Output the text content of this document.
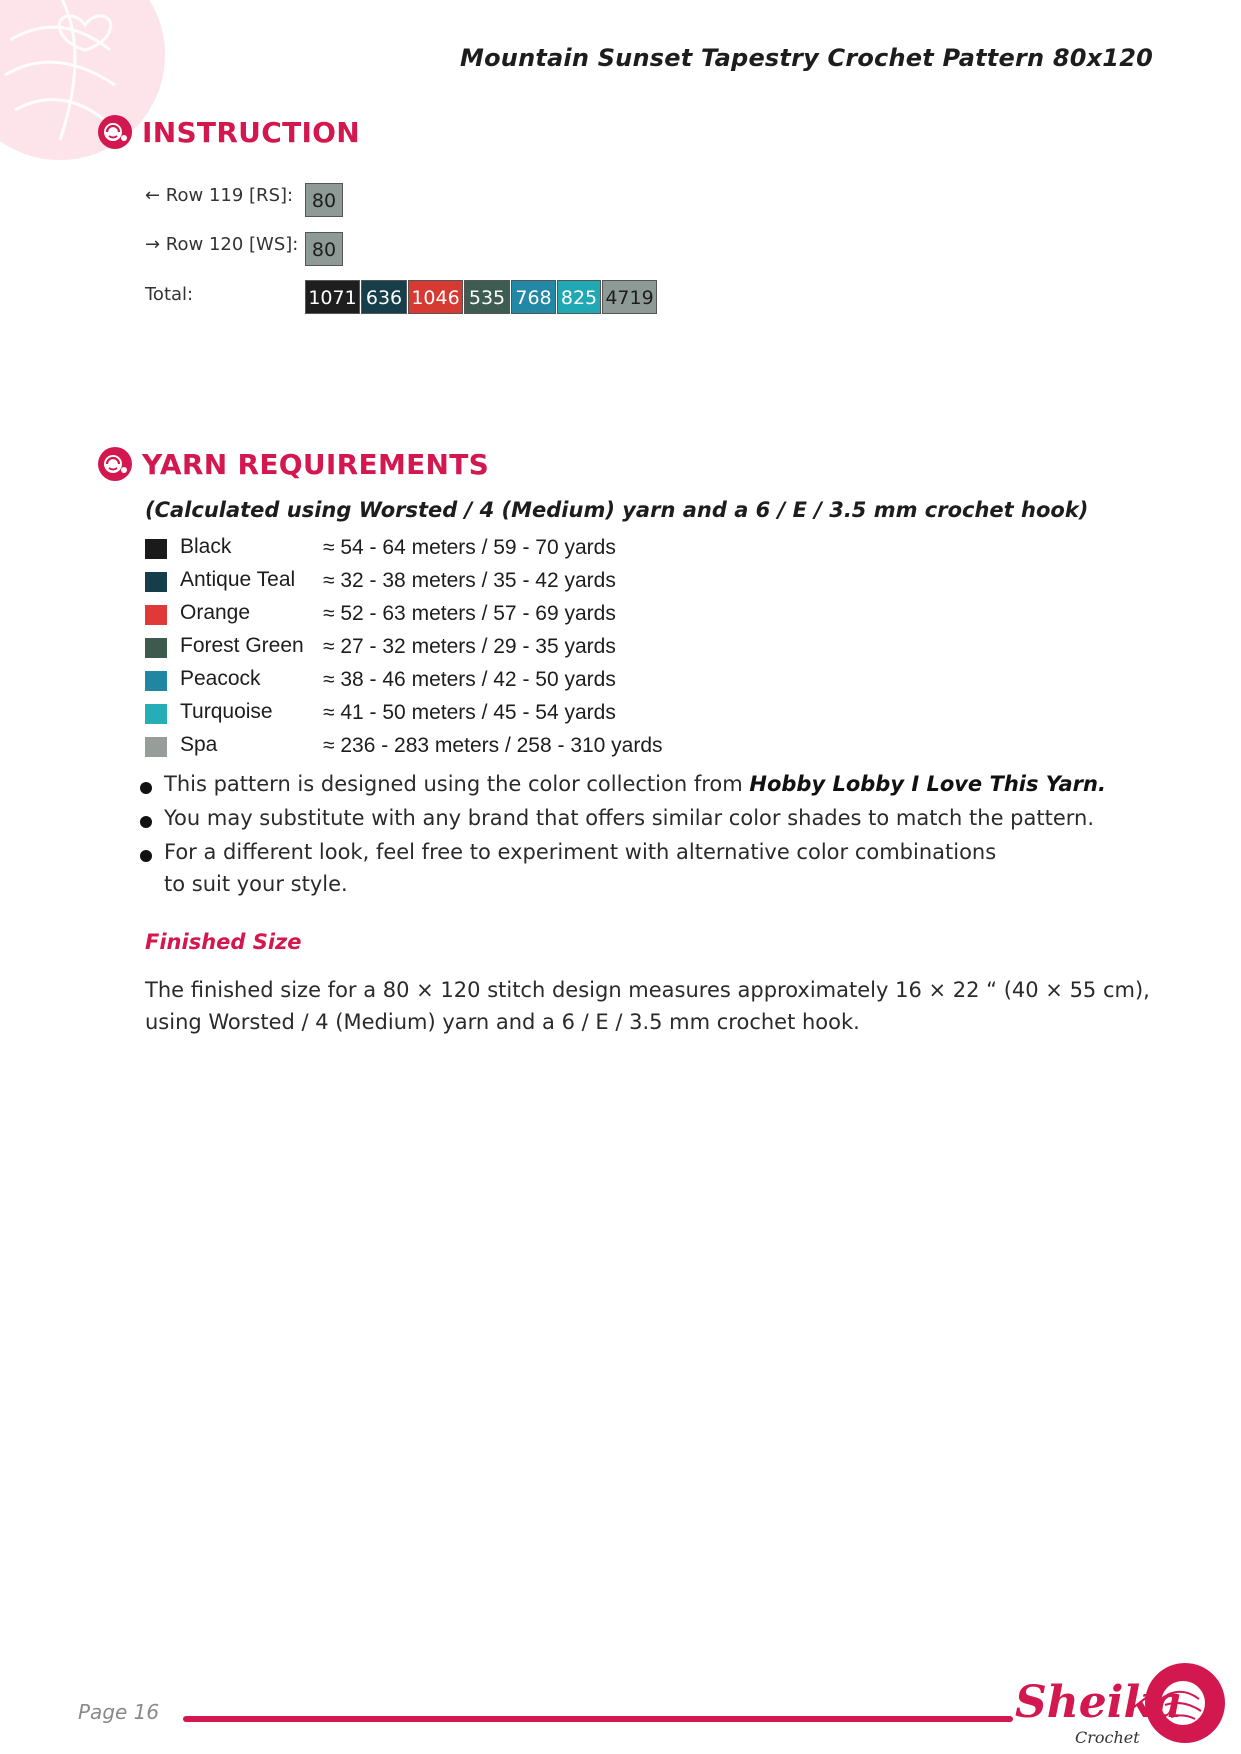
Mountain Sunset Tapestry Crochet Pattern 80x120
INSTRUCTION
← Row 119 [RS]: 80
→ Row 120 [WS]: 80
Total:	1071 636 1046 535 768 825 4719
YARN REQUIREMENTS
(Calculated using Worsted / 4 (Medium) yarn and a 6 / E / 3.5 mm crochet hook)
Black	≈ 54 - 64 meters / 59 - 70 yards
Antique Teal ≈ 32 - 38 meters / 35 - 42 yards
Orange	≈ 52 - 63 meters / 57 - 69 yards
Forest Green ≈ 27 - 32 meters / 29 - 35 yards
Peacock	≈ 38 - 46 meters / 42 - 50 yards
Turquoise ≈ 41 - 50 meters / 45 - 54 yards
Spa	≈ 236 - 283 meters / 258 - 310 yards
This pattern is designed using the color collection from Hobby Lobby I Love This Yarn.
You may substitute with any brand that offers similar color shades to match the pattern.
For a different look, feel free to experiment with alternative color combinations
to suit your style.
Finished Size
The finished size for a 80 × 120 stitch design measures approximately 16 × 22 “ (40 × 55 cm),
using Worsted / 4 (Medium) yarn and a 6 / E / 3.5 mm crochet hook.
Page 16	Sheika
Crochet
